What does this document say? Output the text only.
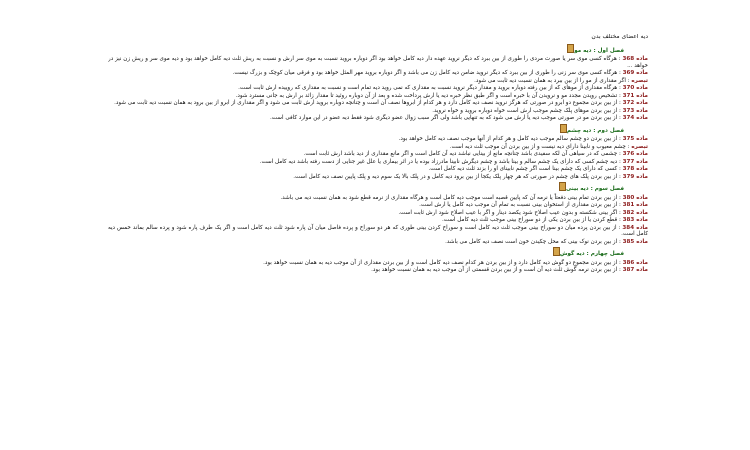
دیه اعضای مختلف بدن
فصل اول : دیه مو
ماده 368 : هرگاه کسی موی سر یا صورت مردی را طوری از بین ببرد که دیگر نروید عهده دار دیه کامل خواهد بود اگر دوباره بروید نسبت به موی سر ارش و نسبت به ریش ثلث دیه کامل خواهد بود و دیه موی سر و ریش زن نیز در خواهد ...
ماده 369 : هرگاه کسی موی سر زنی را طوری از بین ببرد که دیگر نروید ضامن دیه کامل زن می باشد و اگر دوباره بروید مهر المثل خواهد بود و فرقی میان کوچک و بزرگ نیست.
تبصره : اگر مقداری از مو را از بین ببرد به همان نسبت دیه ثابت می شود.
ماده 370 : هرگاه مقداری از موهای که از بین رفته دوباره بروید و مقدار دیگر نروید نسبت به مقداری که نمی روید دیه تمام است و نسبت به مقداری که روییده ارش ثابت است.
ماده 371 : تشخیص رویدن مجدد مو و نرویدن آن با خبره است و اگر طبق نظر خبره دیه یا ارش پرداخت شده و بعد از آن دوباره روئید تا مقدار زائد بر ارش به جانی مسترد شود.
ماده 372 : از بین بردن مجموع دو ابرو در صورتی که هرگز نروید نصف دیه کامل دارد و هر کدام از ابروها نصف آن است و چنانچه دوباره بروید ارش ثابت می شود و اگر مقداری از ابرو از بین برود به همان نسبت دیه ثابت می شود.
ماده 373 : از بین بردن موهای پلک چشم موجب ارش است خواه دوباره بروید و خواه نروید.
ماده 374 : از بین بردن مو در صورتی موجب دیه یا ارش می شود که به تنهایی باشد ولی اگر سبب زوال عضو دیگری شود فقط دیه عضو در این موارد کافی است.
فصل دوم : دیه چشم
ماده 375 : از بین بردن دو چشم سالم موجب دیه کامل و هر کدام از آنها موجب نصف دیه کامل خواهد بود.
تبصره : چشم معیوب و نابینا دارای دیه نیست و از بین بردن آن موجب ثلث دیه است.
ماده 376 : چشمی که در سیاهی آن لکه سفیدی باشد چنانچه مانع از بینایی نباشد دیه آن کامل است و اگر مانع مقداری از دید باشد ارش ثابت است.
ماده 377 : دیه چشم کسی که دارای یک چشم سالم و بینا باشد و چشم دیگرش نابینا مادرزاد بوده یا در اثر بیماری یا علل غیر جنایی از دست رفته باشد دیه کامل است.
ماده 378 : کسی که دارای یک چشم بینا است اگر چشم نابینای او را بزند ثلث دیه کامل است.
ماده 379 : از بین بردن پلک های چشم در صورتی که هر چهار پلک یکجا از بین برود دیه کامل و در پلک بالا یک سوم دیه و پلک پایین نصف دیه کامل است.
فصل سوم : دیه بینی
ماده 380 : از بین بردن تمام بینی دفعتاً یا نرمه آن که پایین قصبه است موجب دیه کامل است و هرگاه مقداری از نرمه قطع شود به همان نسبت دیه می باشد.
ماده 381 : از بین بردن مقداری از استخوان بینی نسبت به تمام آن موجب دیه کامل یا ارش است.
ماده 382 : اگر بینی شکسته و بدون عیب اصلاح شود یکصد دینار و اگر با عیب اصلاح شود ارش ثابت است.
ماده 383 : قطع کردن یا از بین بردن یکی از دو سوراخ بینی موجب ثلث دیه کامل است.
ماده 384 : از بین بردن پرده میان دو سوراخ بینی موجب ثلث دیه کامل است و سوراخ کردن بینی طوری که هر دو سوراخ و پرده فاصل میان آن پاره شود ثلث دیه کامل است و اگر یک طرف پاره شود و پرده سالم بماند خمس دیه کامل است.
ماده 385 : از بین بردن نوک بینی که محل چکیدن خون است نصف دیه کامل می باشد.
فصل چهارم : دیه گوش
ماده 386 : از بین بردن مجموع دو گوش دیه کامل دارد و از بین بردن هر کدام نصف دیه کامل است و از بین بردن مقداری از آن موجب دیه به همان نسبت خواهد بود.
ماده 387 : از بین بردن نرمه گوش ثلث دیه آن است و از بین بردن قسمتی از آن موجب دیه به همان نسبت خواهد بود.
